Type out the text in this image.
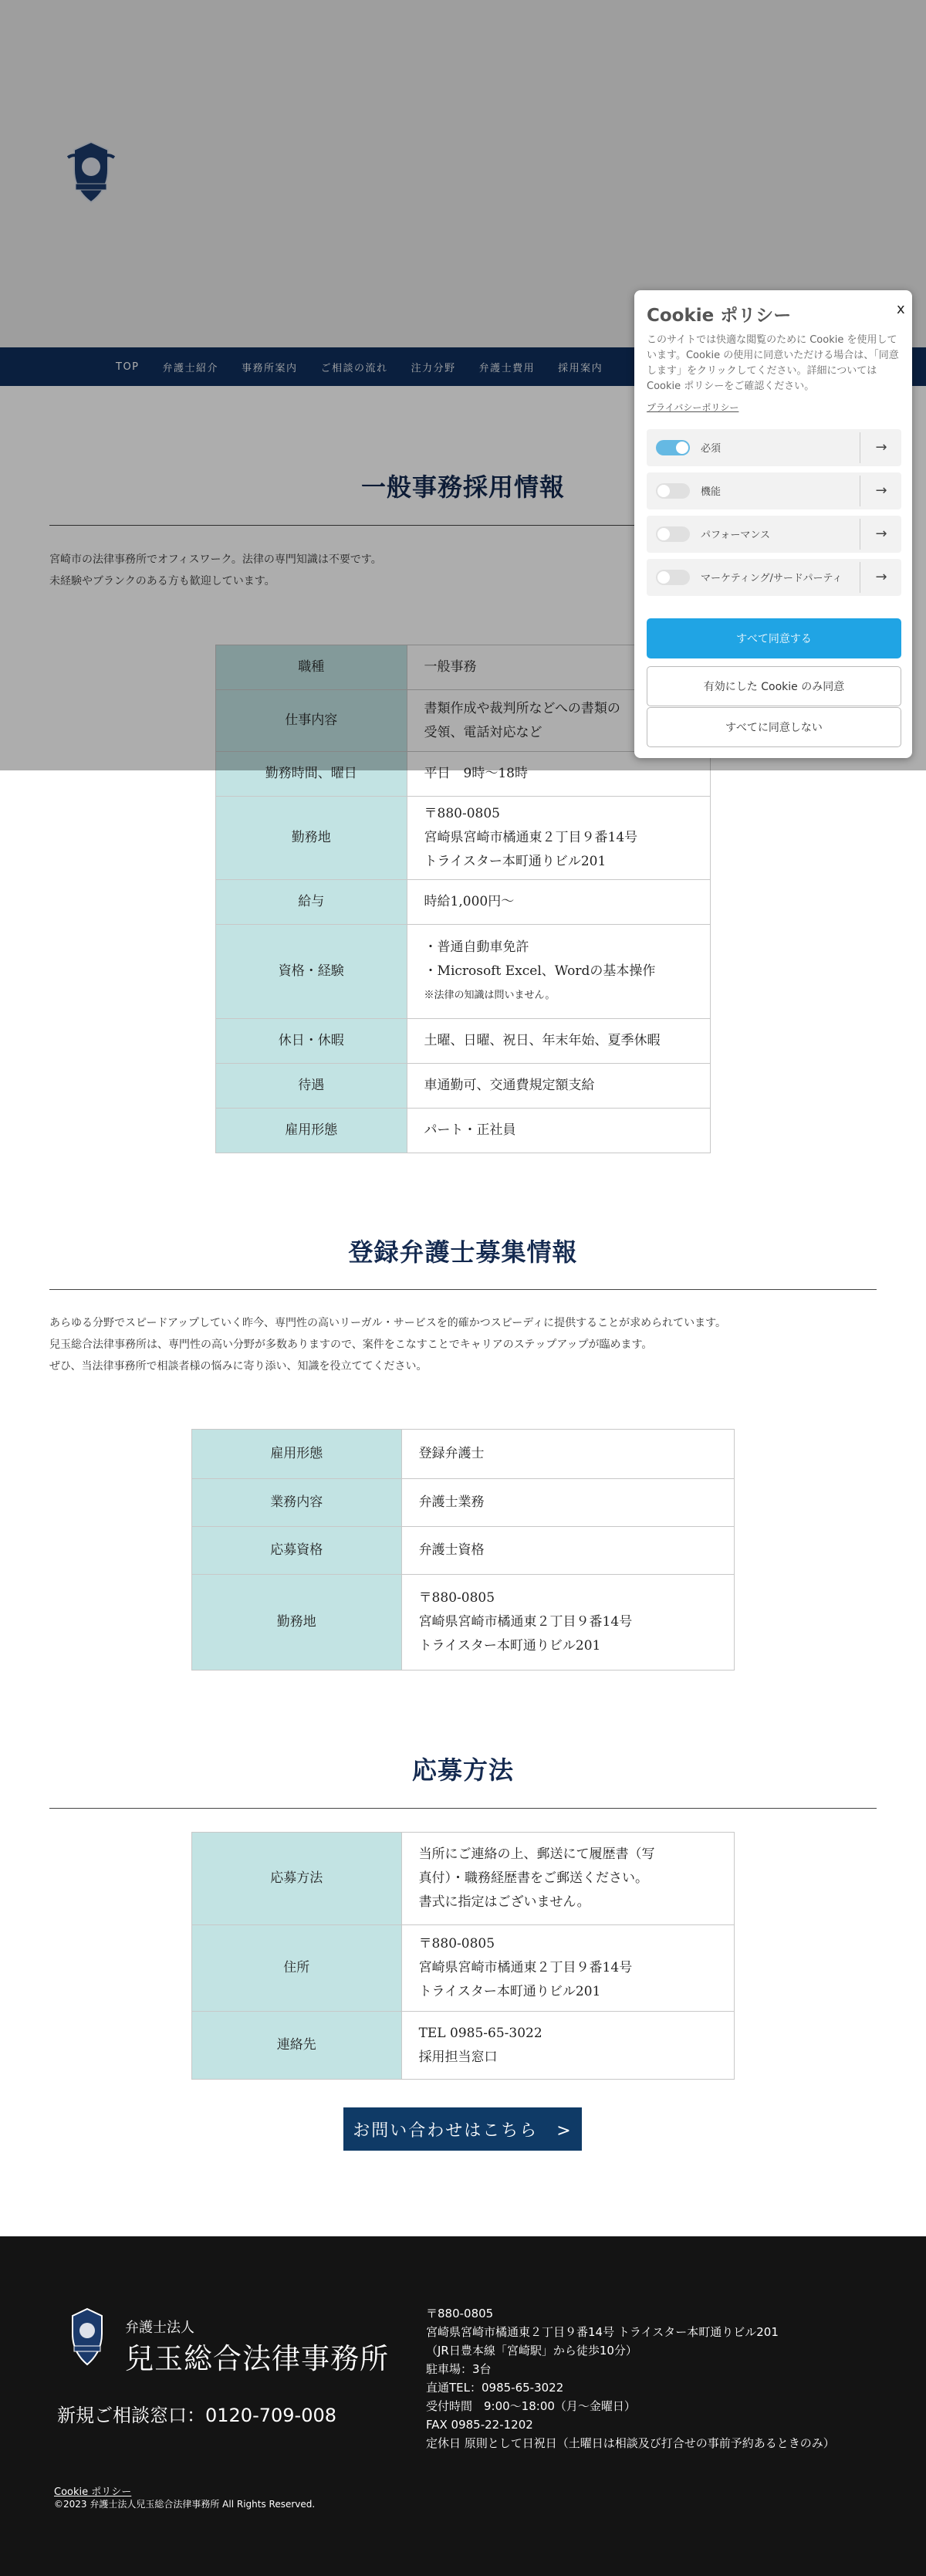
TOP 弁護士紹介 事務所案内 ご相談の流れ 注力分野 弁護士費用 採用案内
一般事務採用情報
宮崎市の法律事務所でオフィスワーク。法律の専門知識は不要です。
未経験やブランクのある方も歓迎しています。
職種	一般事務

仕事内容	書類作成や裁判所などへの書類の
受領、電話対応など

勤務時間、曜日	平日　9時～18時

勤務地	〒880-0805
宮崎県宮崎市橘通東２丁目９番14号
トライスター本町通りビル201

給与	時給1,000円～

資格・経験	・普通自動車免許
・Microsoft Excel、Wordの基本操作
※法律の知識は問いません。

休日・休暇	土曜、日曜、祝日、年末年始、夏季休暇

待遇	車通勤可、交通費規定額支給

雇用形態	パート・正社員
登録弁護士募集情報
あらゆる分野でスピードアップしていく昨今、専門性の高いリーガル・サービスを的確かつスピーディに提供することが求められています。
兒玉総合法律事務所は、専門性の高い分野が多数ありますので、案件をこなすことでキャリアのステップアップが臨めます。
ぜひ、当法律事務所で相談者様の悩みに寄り添い、知識を役立ててください。
雇用形態	登録弁護士

業務内容	弁護士業務

応募資格	弁護士資格

勤務地	〒880-0805
宮崎県宮崎市橘通東２丁目９番14号
トライスター本町通りビル201
応募方法
応募方法	当所にご連絡の上、郵送にて履歴書（写
真付）・職務経歴書をご郵送ください。
書式に指定はございません。

住所	〒880-0805
宮崎県宮崎市橘通東２丁目９番14号
トライスター本町通りビル201

連絡先	TEL 0985-65-3022
採用担当窓口
お問い合わせはこちら　>
弁護士法人
兒玉総合法律事務所
新規ご相談窓口：0120-709-008
〒880-0805
宮崎県宮崎市橘通東２丁目９番14号 トライスター本町通りビル201
（JR日豊本線「宮崎駅」から徒歩10分）
駐車場：3台
直通TEL：0985-65-3022
受付時間　9:00～18:00（月～金曜日）
FAX 0985-22-1202
定休日 原則として日祝日（土曜日は相談及び打合せの事前予約あるときのみ）
Cookie ポリシー
©2023 弁護士法人兒玉総合法律事務所 All Rights Reserved.
Cookie ポリシー	x
このサイトでは快適な閲覧のために Cookie を使用しています。Cookie の使用に同意いただける場合は、「同意します」をクリックしてください。詳細については Cookie ポリシーをご確認ください。
プライバシーポリシー
必須	→
機能	→
パフォーマンス	→
マーケティング/サードパーティ	→
すべて同意する
有効にした Cookie のみ同意
すべてに同意しない
